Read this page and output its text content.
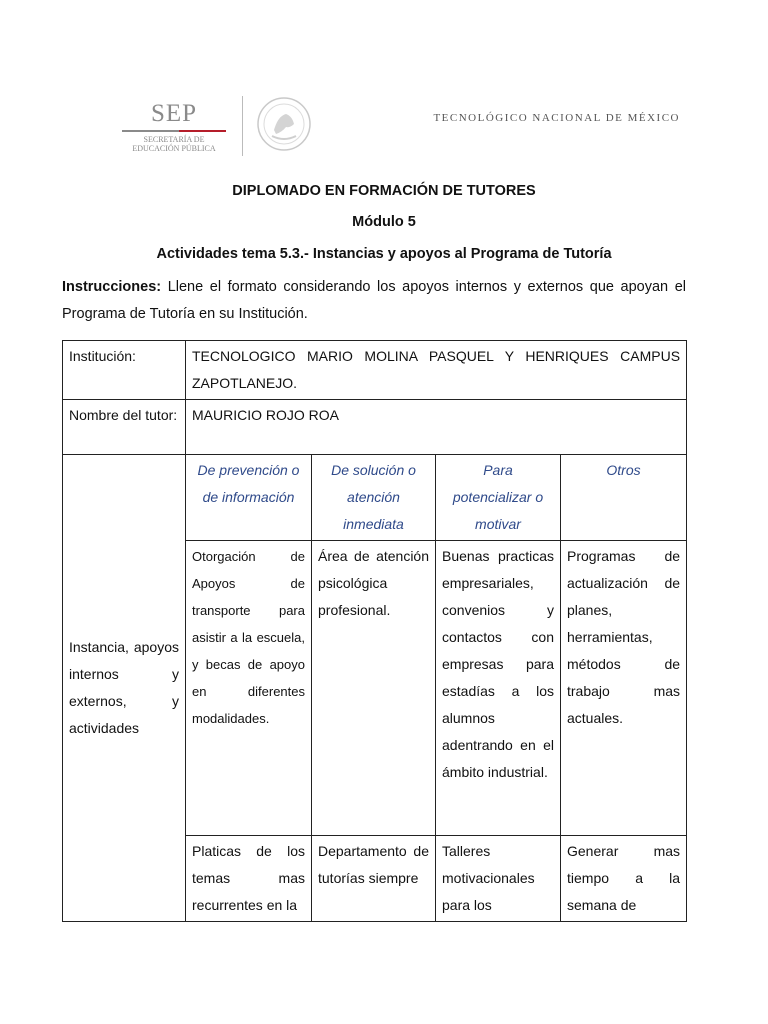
SEP
SECRETARÍA DE
EDUCACIÓN PÚBLICA
TECNOLÓGICO NACIONAL DE MÉXICO
DIPLOMADO EN FORMACIÓN DE TUTORES
Módulo 5
Actividades tema 5.3.- Instancias y apoyos al Programa de Tutoría
Instrucciones: Llene el formato considerando los apoyos internos y externos que apoyan el Programa de Tutoría en su Institución.
Institución:	TECNOLOGICO MARIO MOLINA PASQUEL Y HENRIQUES CAMPUS ZAPOTLANEJO.			
Nombre del tutor:	MAURICIO ROJO ROA			
Instancia, apoyos internos y externos, y actividades	De prevención o de información	De solución o atención inmediata	Para potencializar o motivar	Otros
	Otorgación de Apoyos de transporte para asistir a la escuela, y becas de apoyo en diferentes modalidades.	Área de atención psicológica profesional.	Buenas practicas empresariales, convenios y contactos con empresas para estadías a los alumnos adentrando en el ámbito industrial.	Programas de actualización de planes, herramientas, métodos de trabajo mas actuales.
	Platicas de los temas mas recurrentes en la	Departamento de tutorías siempre	Talleres motivacionales para los	Generar mas tiempo a la semana de
